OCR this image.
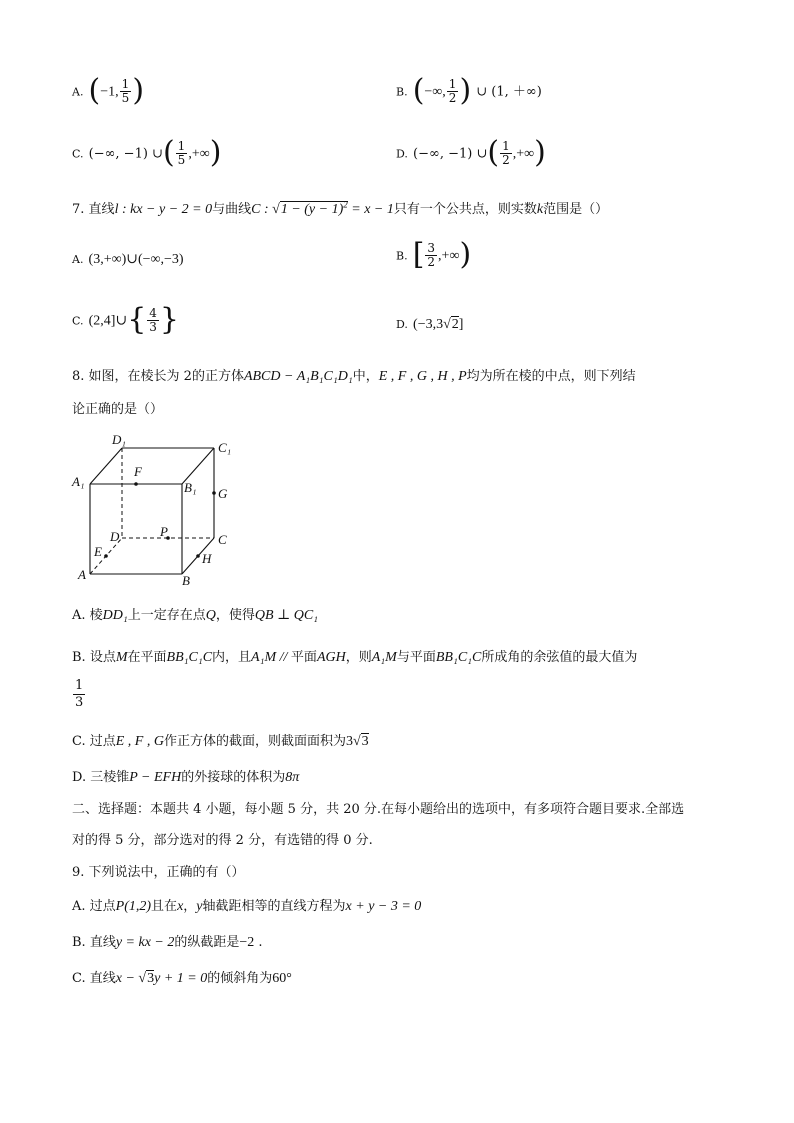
A. (−1, $\frac{1}{5}$ )	B. (−∞, $\frac{1}{2}$ ) ∪ (1, ＋∞)
C. (−∞, −1) ∪( $\frac{1}{5}$ ,+∞)	D. (−∞, −1) ∪( $\frac{1}{2}$ ,+∞)
7. 直线l : kx − y − 2 = 0与曲线C : $√1 - (y - 1)^2 = x - 1$只有一个公共点，则实数k范围是（）
A. (3,+∞)∪(−∞,−3)	B. [ $\frac{3}{2}$ ,+∞)
C. (2,4]∪{ $\frac{4}{3}$ }	D. (−3,3√2]
8. 如图，在棱长为 2的正方体ABCD − A₁B₁C₁D₁中，E , F , G , H , P均为所在棱的中点，则下列结
论正确的是（）
D₁
C₁
A₁	B₁
F
G
P
D	C
E	H
A	B
A. 棱DD₁上一定存在点Q，使得QB ⊥ QC₁
B. 设点M在平面BB₁C₁C内，且A₁M // 平面AGH，则A₁M与平面BB₁C₁C所成角的余弦值的最大值为
$\frac{1}{3}$
C. 过点E , F , G作正方体的截面，则截面面积为3√3
D. 三棱锥P − EFH的外接球的体积为8π
二、选择题：本题共 4 小题，每小题 5 分，共 20 分.在每小题给出的选项中，有多项符合题目要求.全部选
对的得 5 分，部分选对的得 2 分，有选错的得 0 分.
9. 下列说法中，正确的有（）
A. 过点P(1,2)且在x，y轴截距相等的直线方程为x + y − 3 = 0
B. 直线y = kx − 2的纵截距是−2 .
C. 直线x − √3y + 1 = 0的倾斜角为60°
